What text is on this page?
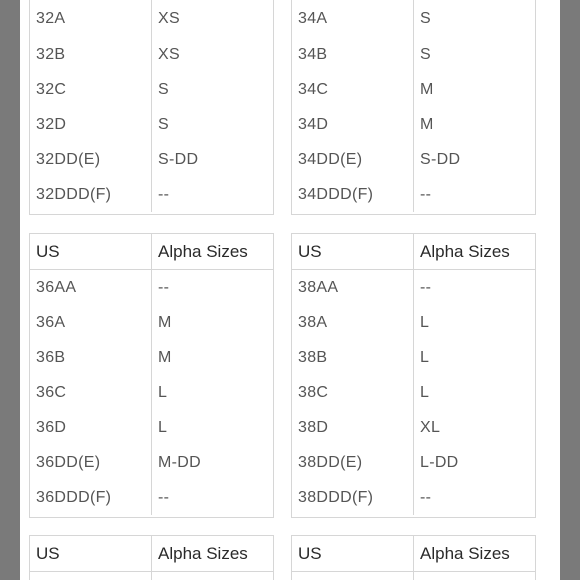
32A	XS
32B	XS
32C	S
32D	S
32DD(E)	S-DD
32DDD(F)	--
34A	S
34B	S
34C	M
34D	M
34DD(E)	S-DD
34DDD(F)	--
US	Alpha Sizes
36AA	--
36A	M
36B	M
36C	L
36D	L
36DD(E)	M-DD
36DDD(F)	--
US	Alpha Sizes
38AA	--
38A	L
38B	L
38C	L
38D	XL
38DD(E)	L-DD
38DDD(F)	--
US	Alpha Sizes	US	Alpha Sizes
